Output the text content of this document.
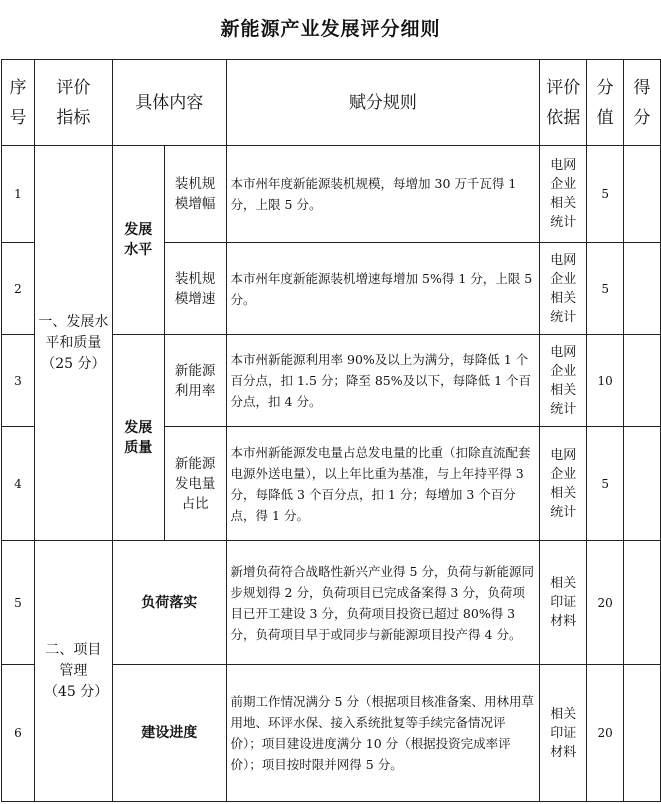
新能源产业发展评分细则
序号	评价指标	具体内容		赋分规则	评价依据	分值	得分
1	一、发展水平和质量（25 分）	发展水平	装机规模增幅	本市州年度新能源装机规模，每增加 30 万千瓦得 1 分，上限 5 分。	电网企业相关统计	5	
2			装机规模增速	本市州年度新能源装机增速每增加 5%得 1 分，上限 5 分。	电网企业相关统计	5	
3		发展质量	新能源利用率	本市州新能源利用率 90%及以上为满分，每降低 1 个百分点，扣 1.5 分；降至 85%及以下，每降低 1 个百分点，扣 4 分。	电网企业相关统计	10	
4			新能源发电量占比	本市州新能源发电量占总发电量的比重（扣除直流配套电源外送电量），以上年比重为基准，与上年持平得 3 分，每降低 3 个百分点，扣 1 分；每增加 3 个百分点，得 1 分。	电网企业相关统计	5	
5	二、项目管理（45 分）	负荷落实		新增负荷符合战略性新兴产业得 5 分，负荷与新能源同步规划得 2 分，负荷项目已完成备案得 3 分，负荷项目已开工建设 3 分，负荷项目投资已超过 80%得 3 分，负荷项目早于或同步与新能源项目投产得 4 分。	相关印证材料	20	
6		建设进度		前期工作情况满分 5 分（根据项目核准备案、用林用草用地、环评水保、接入系统批复等手续完备情况评价）；项目建设进度满分 10 分（根据投资完成率评价）；项目按时限并网得 5 分。	相关印证材料	20	
